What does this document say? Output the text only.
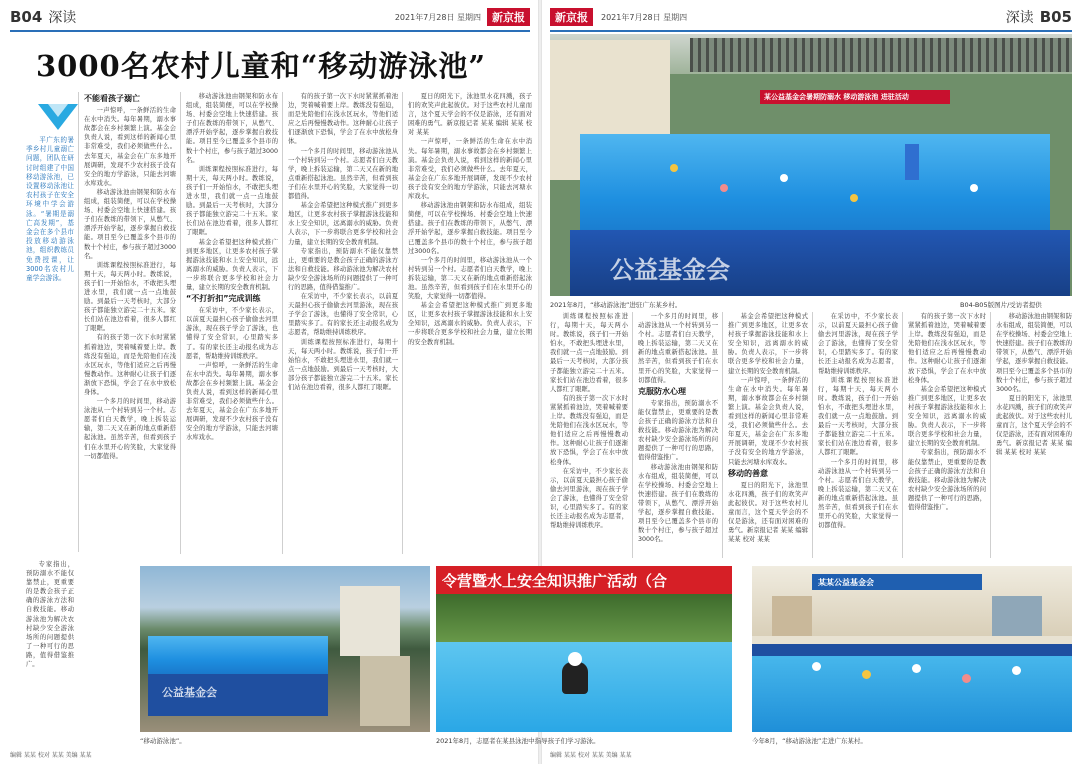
B04 深读	2021年7月28日 星期四	新京报
3000名农村儿童和“移动游泳池”

平广东的暑季乡村儿童溺亡问题，团队在研讨时组建了中国移动游泳池，已设置移动泳池让农村孩子在安全环境中学会游泳。“暑期是溺亡高发期”，基金会在多个县市投放移动游泳池，组织教练员免费授课，让3000名农村儿童学会游泳。

专家指出，预防溺水不能仅靠禁止，更重要的是教会孩子正确的游泳方法和自救技能。移动游泳池为解决农村缺少安全游泳场所的问题提供了一种可行的思路，值得借鉴推广。

不能看孩子溺亡

一声惊呼，一条鲜活的生命在水中消失。每年暑期，溺水事故都会在乡村频繁上演。基金会负责人说，看到这样的新闻心里非常难受，我们必须做些什么。去年夏天，基金会在广东多地开展调研，发现不少农村孩子没有安全的地方学游泳，只能去河塘水库戏水。

移动游泳池由钢架和防水布组成，组装简便，可以在学校操场、村委会空地上快速搭建。孩子们在教练的带领下，从憋气、漂浮开始学起，逐步掌握自救技能。项目至今已覆盖多个县市的数十个村庄，参与孩子超过3000名。

训练课程按照标准进行，每期十天，每天两小时。教练说，孩子们一开始怕水，不敢把头埋进水里，我们就一点一点地鼓励。到最后一天考核时，大部分孩子都能独立游完二十五米。家长们站在池边看着，很多人都红了眼眶。

有的孩子第一次下水时紧紧抓着池边，哭着喊着要上岸。教练没有强迫，而是先陪他们在浅水区玩水，等他们适应之后再慢慢教动作。这种耐心让孩子们逐渐放下恐惧，学会了在水中放松身体。

一个多月的时间里，移动游泳池从一个村转到另一个村。志愿者们白天教学，晚上拆装运输，第二天又在新的地点重新搭起泳池。虽然辛苦，但看到孩子们在水里开心的笑脸，大家觉得一切都值得。

移动游泳池由钢架和防水布组成，组装简便，可以在学校操场、村委会空地上快速搭建。孩子们在教练的带领下，从憋气、漂浮开始学起，逐步掌握自救技能。项目至今已覆盖多个县市的数十个村庄，参与孩子超过3000名。

训练课程按照标准进行，每期十天，每天两小时。教练说，孩子们一开始怕水，不敢把头埋进水里，我们就一点一点地鼓励。到最后一天考核时，大部分孩子都能独立游完二十五米。家长们站在池边看着，很多人都红了眼眶。

基金会希望把这种模式推广到更多地区，让更多农村孩子掌握游泳技能和水上安全知识，远离溺水的威胁。负责人表示，下一步将联合更多学校和社会力量，建立长期的安全教育机制。

“不打折扣”完成训练

在采访中，不少家长表示，以前夏天最担心孩子偷偷去河里游泳，现在孩子学会了游泳，也懂得了安全常识，心里踏实多了。有的家长还主动报名成为志愿者，帮助维持训练秩序。

一声惊呼，一条鲜活的生命在水中消失。每年暑期，溺水事故都会在乡村频繁上演。基金会负责人说，看到这样的新闻心里非常难受，我们必须做些什么。去年夏天，基金会在广东多地开展调研，发现不少农村孩子没有安全的地方学游泳，只能去河塘水库戏水。

有的孩子第一次下水时紧紧抓着池边，哭着喊着要上岸。教练没有强迫，而是先陪他们在浅水区玩水，等他们适应之后再慢慢教动作。这种耐心让孩子们逐渐放下恐惧，学会了在水中放松身体。

一个多月的时间里，移动游泳池从一个村转到另一个村。志愿者们白天教学，晚上拆装运输，第二天又在新的地点重新搭起泳池。虽然辛苦，但看到孩子们在水里开心的笑脸，大家觉得一切都值得。

基金会希望把这种模式推广到更多地区，让更多农村孩子掌握游泳技能和水上安全知识，远离溺水的威胁。负责人表示，下一步将联合更多学校和社会力量，建立长期的安全教育机制。

专家指出，预防溺水不能仅靠禁止，更重要的是教会孩子正确的游泳方法和自救技能。移动游泳池为解决农村缺少安全游泳场所的问题提供了一种可行的思路，值得借鉴推广。

在采访中，不少家长表示，以前夏天最担心孩子偷偷去河里游泳，现在孩子学会了游泳，也懂得了安全常识，心里踏实多了。有的家长还主动报名成为志愿者，帮助维持训练秩序。

训练课程按照标准进行，每期十天，每天两小时。教练说，孩子们一开始怕水，不敢把头埋进水里，我们就一点一点地鼓励。到最后一天考核时，大部分孩子都能独立游完二十五米。家长们站在池边看着，很多人都红了眼眶。

夏日的阳光下，泳池里水花四溅，孩子们的欢笑声此起彼伏。对于这些农村儿童而言，这个夏天学会的不仅是游泳，还有面对困难的勇气。新京报记者 某某 编辑 某某 校对 某某

一声惊呼，一条鲜活的生命在水中消失。每年暑期，溺水事故都会在乡村频繁上演。基金会负责人说，看到这样的新闻心里非常难受，我们必须做些什么。去年夏天，基金会在广东多地开展调研，发现不少农村孩子没有安全的地方学游泳，只能去河塘水库戏水。

移动游泳池由钢架和防水布组成，组装简便，可以在学校操场、村委会空地上快速搭建。孩子们在教练的带领下，从憋气、漂浮开始学起，逐步掌握自救技能。项目至今已覆盖多个县市的数十个村庄，参与孩子超过3000名。

一个多月的时间里，移动游泳池从一个村转到另一个村。志愿者们白天教学，晚上拆装运输，第二天又在新的地点重新搭起泳池。虽然辛苦，但看到孩子们在水里开心的笑脸，大家觉得一切都值得。

基金会希望把这种模式推广到更多地区，让更多农村孩子掌握游泳技能和水上安全知识，远离溺水的威胁。负责人表示，下一步将联合更多学校和社会力量，建立长期的安全教育机制。

公益基金会
“移动游泳池”。
编辑 某某 校对 某某 美编 某某
新京报	2021年7月28日 星期四	深读 B05
某公益基金会暑期防溺水 移动游泳池 进驻活动
公益基金会
2021年8月，“移动游泳池”进驻广东某乡村。	B04-B05版图片/受访者提供

训练课程按照标准进行，每期十天，每天两小时。教练说，孩子们一开始怕水，不敢把头埋进水里，我们就一点一点地鼓励。到最后一天考核时，大部分孩子都能独立游完二十五米。家长们站在池边看着，很多人都红了眼眶。

有的孩子第一次下水时紧紧抓着池边，哭着喊着要上岸。教练没有强迫，而是先陪他们在浅水区玩水，等他们适应之后再慢慢教动作。这种耐心让孩子们逐渐放下恐惧，学会了在水中放松身体。

在采访中，不少家长表示，以前夏天最担心孩子偷偷去河里游泳，现在孩子学会了游泳，也懂得了安全常识，心里踏实多了。有的家长还主动报名成为志愿者，帮助维持训练秩序。

一个多月的时间里，移动游泳池从一个村转到另一个村。志愿者们白天教学，晚上拆装运输，第二天又在新的地点重新搭起泳池。虽然辛苦，但看到孩子们在水里开心的笑脸，大家觉得一切都值得。

克服防水心理

专家指出，预防溺水不能仅靠禁止，更重要的是教会孩子正确的游泳方法和自救技能。移动游泳池为解决农村缺少安全游泳场所的问题提供了一种可行的思路，值得借鉴推广。

移动游泳池由钢架和防水布组成，组装简便，可以在学校操场、村委会空地上快速搭建。孩子们在教练的带领下，从憋气、漂浮开始学起，逐步掌握自救技能。项目至今已覆盖多个县市的数十个村庄，参与孩子超过3000名。

基金会希望把这种模式推广到更多地区，让更多农村孩子掌握游泳技能和水上安全知识，远离溺水的威胁。负责人表示，下一步将联合更多学校和社会力量，建立长期的安全教育机制。

一声惊呼，一条鲜活的生命在水中消失。每年暑期，溺水事故都会在乡村频繁上演。基金会负责人说，看到这样的新闻心里非常难受，我们必须做些什么。去年夏天，基金会在广东多地开展调研，发现不少农村孩子没有安全的地方学游泳，只能去河塘水库戏水。

移动的善意

夏日的阳光下，泳池里水花四溅，孩子们的欢笑声此起彼伏。对于这些农村儿童而言，这个夏天学会的不仅是游泳，还有面对困难的勇气。新京报记者 某某 编辑 某某 校对 某某

在采访中，不少家长表示，以前夏天最担心孩子偷偷去河里游泳，现在孩子学会了游泳，也懂得了安全常识，心里踏实多了。有的家长还主动报名成为志愿者，帮助维持训练秩序。

训练课程按照标准进行，每期十天，每天两小时。教练说，孩子们一开始怕水，不敢把头埋进水里，我们就一点一点地鼓励。到最后一天考核时，大部分孩子都能独立游完二十五米。家长们站在池边看着，很多人都红了眼眶。

一个多月的时间里，移动游泳池从一个村转到另一个村。志愿者们白天教学，晚上拆装运输，第二天又在新的地点重新搭起泳池。虽然辛苦，但看到孩子们在水里开心的笑脸，大家觉得一切都值得。

有的孩子第一次下水时紧紧抓着池边，哭着喊着要上岸。教练没有强迫，而是先陪他们在浅水区玩水，等他们适应之后再慢慢教动作。这种耐心让孩子们逐渐放下恐惧，学会了在水中放松身体。

基金会希望把这种模式推广到更多地区，让更多农村孩子掌握游泳技能和水上安全知识，远离溺水的威胁。负责人表示，下一步将联合更多学校和社会力量，建立长期的安全教育机制。

专家指出，预防溺水不能仅靠禁止，更重要的是教会孩子正确的游泳方法和自救技能。移动游泳池为解决农村缺少安全游泳场所的问题提供了一种可行的思路，值得借鉴推广。

移动游泳池由钢架和防水布组成，组装简便，可以在学校操场、村委会空地上快速搭建。孩子们在教练的带领下，从憋气、漂浮开始学起，逐步掌握自救技能。项目至今已覆盖多个县市的数十个村庄，参与孩子超过3000名。

夏日的阳光下，泳池里水花四溅，孩子们的欢笑声此起彼伏。对于这些农村儿童而言，这个夏天学会的不仅是游泳，还有面对困难的勇气。新京报记者 某某 编辑 某某 校对 某某

令营暨水上安全知识推广活动（合
2021年8月，志愿者在某县泳池中指导孩子们学习游泳。
某某公益基金会
今年8月，“移动游泳池”走进广东某村。
编辑 某某 校对 某某 美编 某某
